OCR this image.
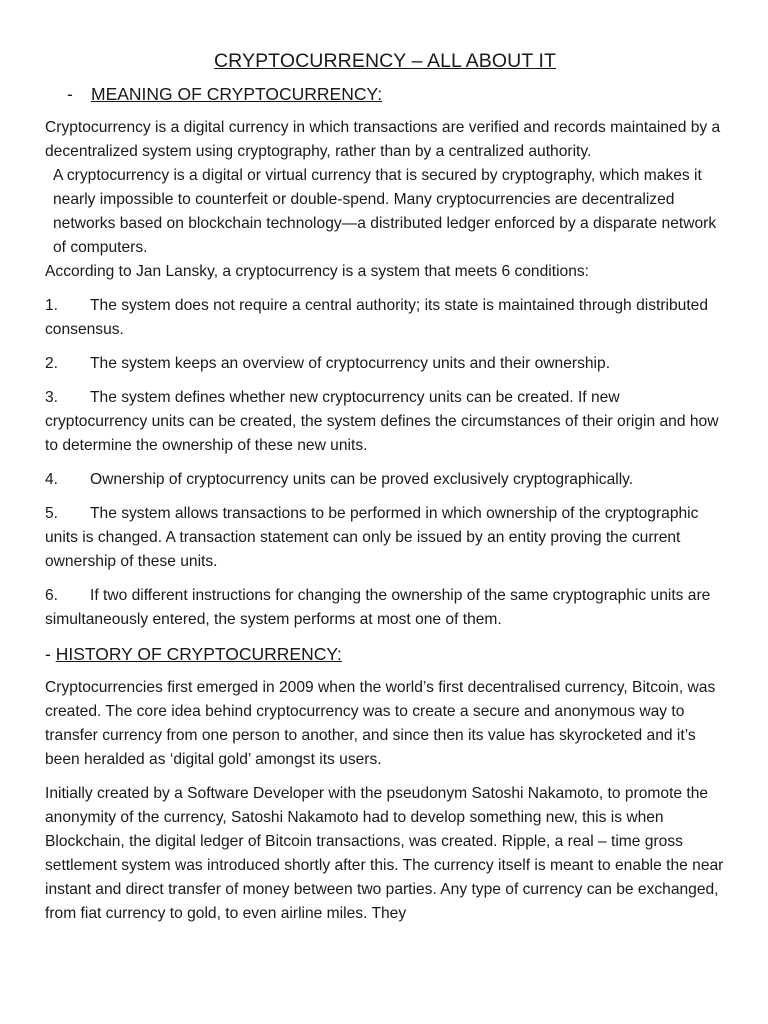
CRYPTOCURRENCY – ALL ABOUT IT
- MEANING OF CRYPTOCURRENCY:

Cryptocurrency is a digital currency in which transactions are verified and records maintained by a decentralized system using cryptography, rather than by a centralized authority.

A cryptocurrency is a digital or virtual currency that is secured by cryptography, which makes it nearly impossible to counterfeit or double-spend. Many cryptocurrencies are decentralized networks based on blockchain technology—a distributed ledger enforced by a disparate network of computers.

According to Jan Lansky, a cryptocurrency is a system that meets 6 conditions:

1. The system does not require a central authority; its state is maintained through distributed consensus.
2. The system keeps an overview of cryptocurrency units and their ownership.
3. The system defines whether new cryptocurrency units can be created. If new cryptocurrency units can be created, the system defines the circumstances of their origin and how to determine the ownership of these new units.
4. Ownership of cryptocurrency units can be proved exclusively cryptographically.
5. The system allows transactions to be performed in which ownership of the cryptographic units is changed. A transaction statement can only be issued by an entity proving the current ownership of these units.
6. If two different instructions for changing the ownership of the same cryptographic units are simultaneously entered, the system performs at most one of them.
- HISTORY OF CRYPTOCURRENCY:

Cryptocurrencies first emerged in 2009 when the world’s first decentralised currency, Bitcoin, was created. The core idea behind cryptocurrency was to create a secure and anonymous way to transfer currency from one person to another, and since then its value has skyrocketed and it’s been heralded as ‘digital gold’ amongst its users.

Initially created by a Software Developer with the pseudonym Satoshi Nakamoto, to promote the anonymity of the currency, Satoshi Nakamoto had to develop something new, this is when Blockchain, the digital ledger of Bitcoin transactions, was created. Ripple, a real – time gross settlement system was introduced shortly after this. The currency itself is meant to enable the near instant and direct transfer of money between two parties. Any type of currency can be exchanged, from fiat currency to gold, to even airline miles. They
